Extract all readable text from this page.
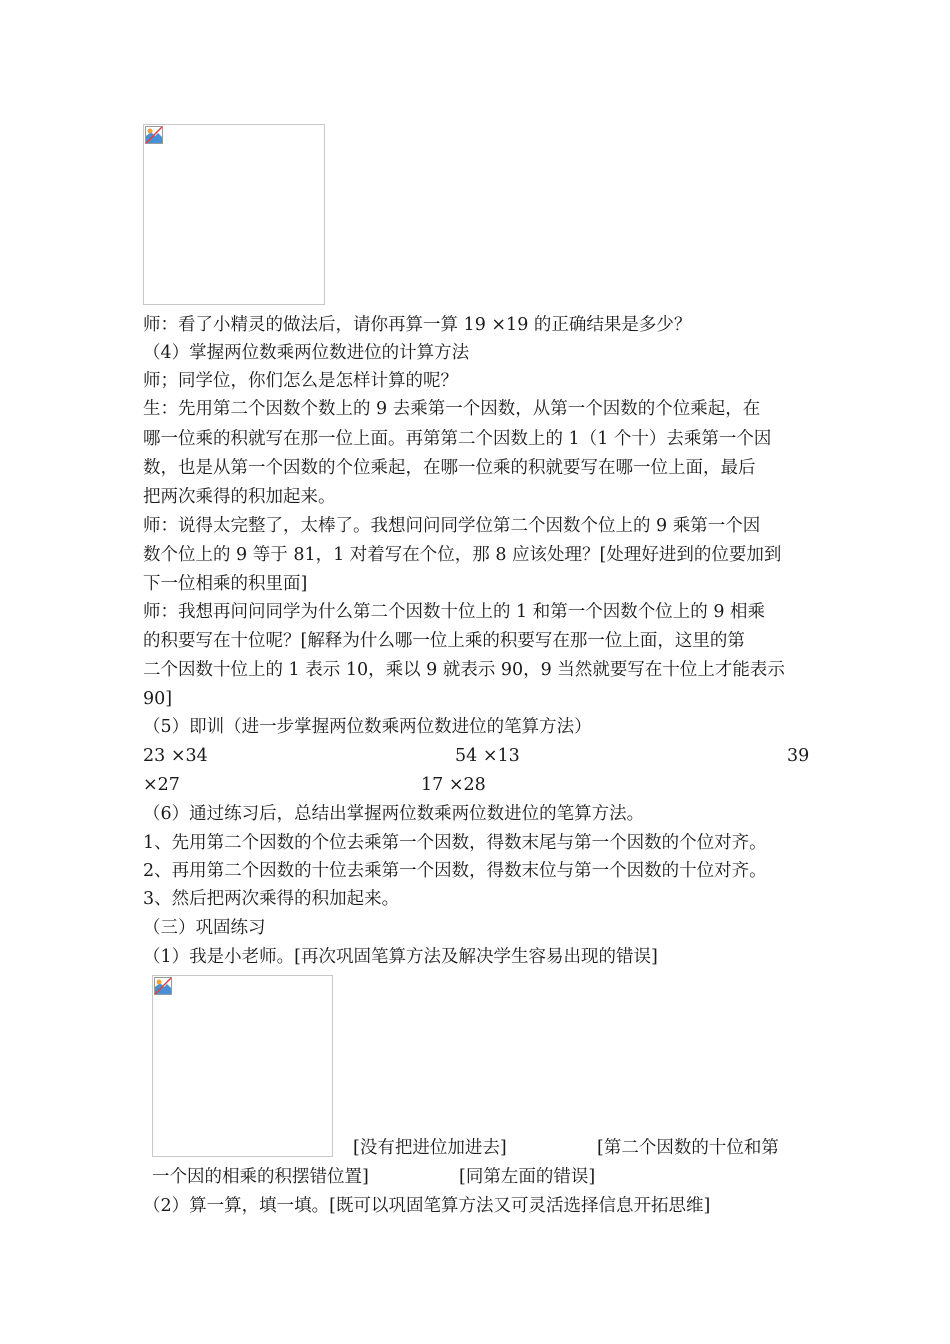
师：看了小精灵的做法后，请你再算一算 19 ×19 的正确结果是多少？
（4）掌握两位数乘两位数进位的计算方法
师；同学位，你们怎么是怎样计算的呢？
生：先用第二个因数个数上的 9 去乘第一个因数，从第一个因数的个位乘起，在
哪一位乘的积就写在那一位上面。再第第二个因数上的 1（1 个十）去乘第一个因
数，也是从第一个因数的个位乘起，在哪一位乘的积就要写在哪一位上面，最后
把两次乘得的积加起来。
师：说得太完整了，太棒了。我想问问同学位第二个因数个位上的 9 乘第一个因
数个位上的 9 等于 81，1 对着写在个位，那 8 应该处理？[处理好进到的位要加到
下一位相乘的积里面]
师：我想再问问同学为什么第二个因数十位上的 1 和第一个因数个位上的 9 相乘
的积要写在十位呢？[解释为什么哪一位上乘的积要写在那一位上面，这里的第
二个因数十位上的 1 表示 10，乘以 9 就表示 90，9 当然就要写在十位上才能表示
90]
（5）即训（进一步掌握两位数乘两位数进位的笔算方法）
23 ×34	54 ×13	39
×27	17 ×28
（6）通过练习后，总结出掌握两位数乘两位数进位的笔算方法。
1、先用第二个因数的个位去乘第一个因数，得数末尾与第一个因数的个位对齐。
2、再用第二个因数的十位去乘第一个因数，得数末位与第一个因数的十位对齐。
3、然后把两次乘得的积加起来。
（三）巩固练习
（1）我是小老师。[再次巩固笔算方法及解决学生容易出现的错误]
[没有把进位加进去]	[第二个因数的十位和第
一个因的相乘的积摆错位置]	[同第左面的错误]
（2）算一算，填一填。[既可以巩固笔算方法又可灵活选择信息开拓思维]
